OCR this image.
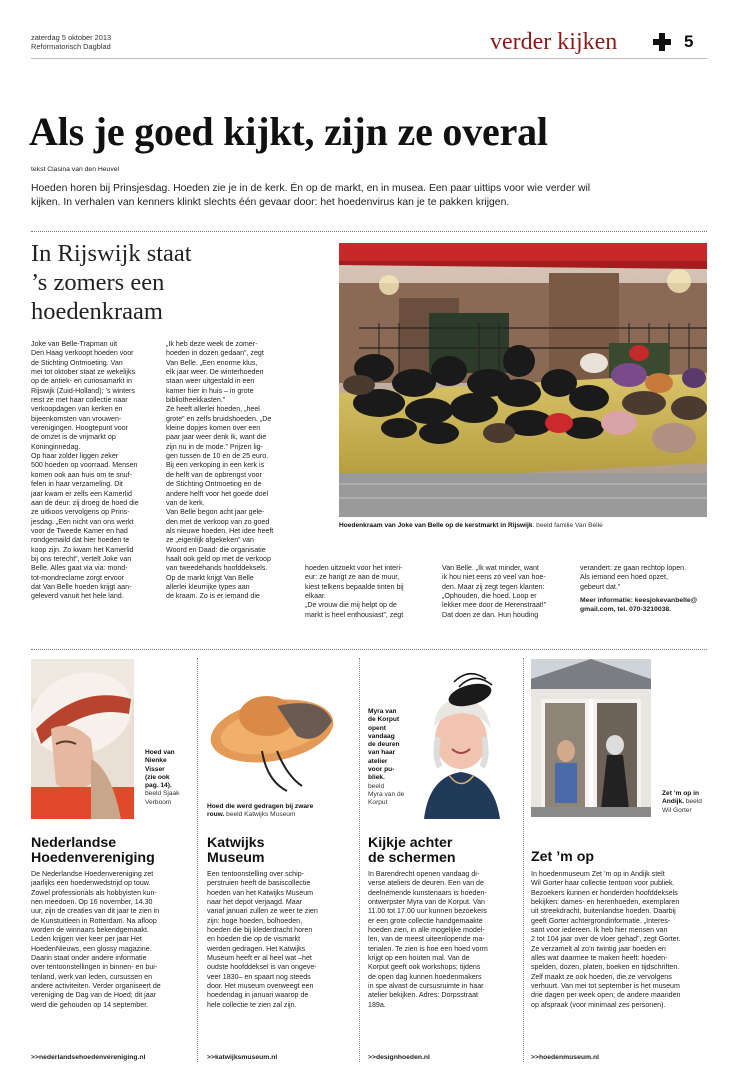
zaterdag 5 oktober 2013
Reformatorisch Dagblad	verder kijken	5
Als je goed kijkt, zijn ze overal
tekst Clasina van den Heuvel
Hoeden horen bij Prinsjesdag. Hoeden zie je in de kerk. Én op de markt, en in musea. Een paar uittips voor wie verder wil
kijken. In verhalen van kenners klinkt slechts één gevaar door: het hoedenvirus kan je te pakken krijgen.
In Rijswijk staat
’s zomers een
hoedenkraam
Joke van Belle-Trapman uit
Den Haag verkoopt hoeden voor
de Stichting Ontmoeting. Van
mei tot oktober staat ze wekelijks
op de antiek- en curiosamarkt in
Rijswijk (Zuid-Holland); ’s winters
reist ze met haar collectie naar
verkoopdagen van kerken en
bijeenkomsten van vrouwen-
verenigingen. Hoogtepunt voor
de omzet is de vrijmarkt op
Koninginnedag.
Op haar zolder liggen zeker
500 hoeden op voorraad. Mensen
komen ook aan huis om te snuf-
felen in haar verzameling. Dit
jaar kwam er zelfs een Kamerlid
aan de deur: zij droeg de hoed die
ze uitkoos vervolgens op Prins-
jesdag. „Een nicht van ons werkt
voor de Tweede Kamer en had
rondgemaild dat hier hoeden te
koop zijn. Zo kwam het Kamerlid
bij ons terecht”, vertelt Joke van
Belle. Alles gaat via via: mond-
tot-mondreclame zorgt ervoor
dat Van Belle hoeden krijgt aan-
geleverd vanuit het hele land.
„Ik heb deze week de zomer-
hoeden in dozen gedaan”, zegt
Van Belle. „Een enorme klus,
elk jaar weer. De winterhoeden
staan weer uitgestald in een
kamer hier in huis – in grote
bibliotheekkasten.”
Ze heeft allerlei hoeden, „heel
grote” en zelfs bruidshoeden. „De
kleine dopjes komen over een
paar jaar weer denk ik, want die
zijn nu in de mode.” Prijzen lig-
gen tussen de 10 en de 25 euro.
Bij een verkoping in een kerk is
de helft van de opbrengst voor
de Stichting Ontmoeting en de
andere helft voor het goede doel
van de kerk.
Van Belle begon acht jaar gele-
den met de verkoop van zo goed
als nieuwe hoeden. Het idee heeft
ze „eigenlijk afgekeken” van
Woord en Daad: die organisatie
haalt ook geld op met de verkoop
van tweedehands hoofddeksels.
Op de markt krijgt Van Belle
allerlei kleurrijke types aan
de kraam. Zo is er iemand die
hoeden uitzoekt voor het interi-
eur: ze hangt ze aan de muur,
kiest telkens bepaalde tinten bij
elkaar.
„De vrouw die mij helpt op de
markt is heel enthousiast”, zegt
Van Belle. „Ik wat minder, want
ik hou niet eens zó veel van hoe-
den. Maar zij zegt tegen klanten:
„Ophouden, die hoed. Loop er
lekker mee door de Herenstraat!”
Dat doen ze dan. Hun houding
verandert: ze gaan rechtop lopen.
Als iemand een hoed opzet,
gebeurt dat.”
Meer informatie: keesjokevanbelle@
gmail.com, tel. 070-3210038.
Hoedenkraam van Joke van Belle op de kerstmarkt in Rijswijk. beeld familie Van Belle
Hoed van
Nienke
Visser
(zie ook
pag. 14).
beeld Sjaak
Verboom
Nederlandse
Hoedenvereniging
De Nederlandse Hoedenvereniging zet
jaarlijks een hoedenwedstrijd op touw.
Zowel professionals als hobbyisten kun-
nen meedoen. Op 16 november, 14.30
uur, zijn de creaties van dit jaar te zien in
de Kunstuitleen in Rotterdam. Na afloop
worden de winnaars bekendgemaakt.
Leden krijgen vier keer per jaar Het
HoedenNieuws, een glossy magazine.
Daarin staat onder andere informatie
over tentoonstellingen in binnen- en bui-
tenland, werk van leden, cursussen en
andere activiteiten. Verder organiseert de
vereniging de Dag van de Hoed; dit jaar
werd die gehouden op 14 september.
>>nederlandsehoedenvereniging.nl
Hoed die werd gedragen bij zware
rouw. beeld Katwijks Museum
Katwijks
Museum
Een tentoonstelling over schip-
perstruien heeft de basiscollectie
hoeden van het Katwijks Museum
naar het depot verjaagd. Maar
vanaf januari zullen ze weer te zien
zijn: hoge hoeden, bolhoeden,
hoeden die bij klederdracht horen
en hoeden die op de vismarkt
werden gedragen. Het Katwijks
Museum heeft er al heel wat –het
oudste hoofddeksel is van ongeve-
veer 1830– en spaart nog steeds
door. Het museum overweegt een
hoedendag in januari waarop de
hele collectie te zien zal zijn.
>>katwijksmuseum.nl
Myra van
de Korput
opent
vandaag
de deuren
van haar
atelier
voor pu-
bliek.
beeld
Myra van de
Korput
Kijkje achter
de schermen
In Barendrecht openen vandaag di-
verse ateliers de deuren. Een van de
deelnemende kunstenaars is hoeden-
ontwerpster Myra van de Korput. Van
11.00 tot 17.00 uur kunnen bezoekers
er een grote collectie handgemaakte
hoeden zien, in alle mogelijke model-
len, van de meest uiteenlopende ma-
terialen. Te zien is hoe een hoed vorm
krijgt op een houten mal. Van de
Korput geeft ook workshops; tijdens
de open dag kunnen hoedenmakers
in spe alvast de cursusruimte in haar
atelier bekijken. Adres: Dorpsstraat
189a.
>>designhoeden.nl
Zet ’m op in
Andijk. beeld
Wil Gorter
Zet ’m op
In hoedenmuseum Zet ’m op in Andijk stelt
Wil Gorter haar collectie tentoon voor publiek.
Bezoekers kunnen er honderden hoofddeksels
bekijken: dames- en herenhoeden, exemplaren
uit streekdracht, buitenlandse hoeden. Daarbij
geeft Gorter achtergrondinformatie. „Interes-
sant voor iedereen. Ik heb hier mensen van
2 tot 104 jaar over de vloer gehad”, zegt Gorter.
Ze verzamelt al zo’n twintig jaar hoeden en
alles wat daarmee te maken heeft: hoeden-
spelden, dozen, platen, boeken en tijdschriften.
Zelf maakt ze ook hoeden, die ze vervolgens
verhuurt. Van mei tot september is het museum
drie dagen per week open; de andere maanden
op afspraak (voor minimaal zes personen).
>>hoedenmuseum.nl
